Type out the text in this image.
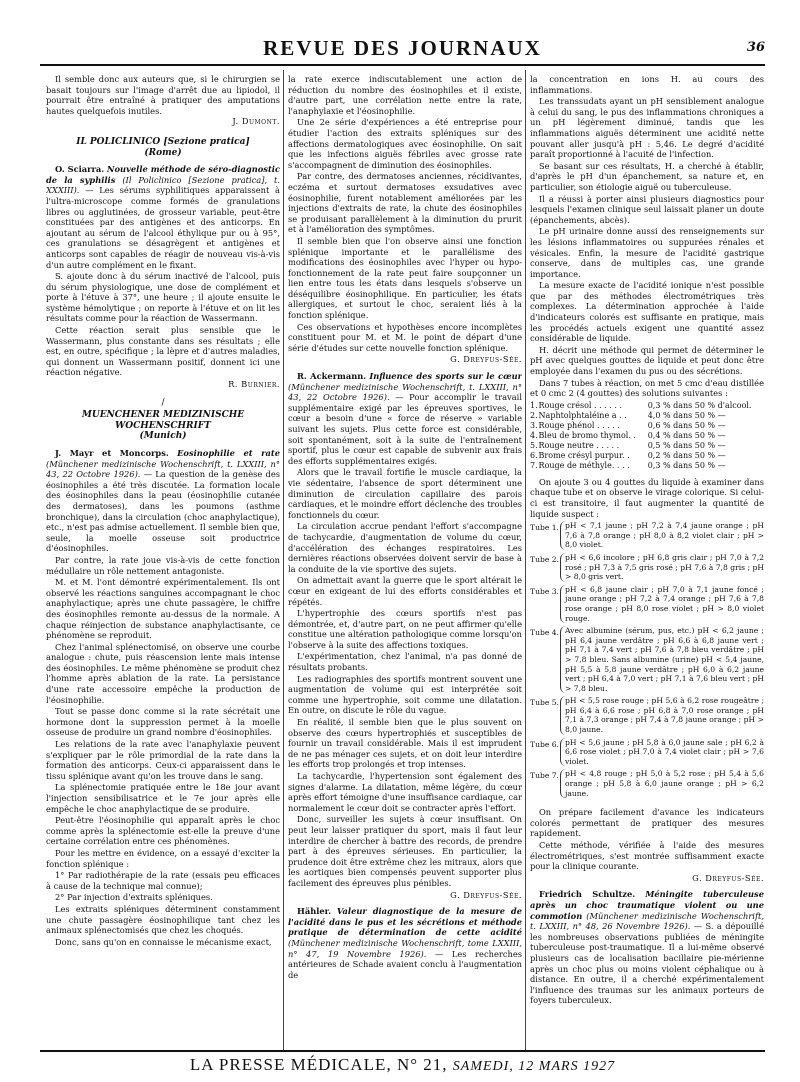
REVUE DES JOURNAUX	36

Il semble donc aux auteurs que, si le chirurgien se basait toujours sur l'image d'arrêt due au lipiodol, il pourrait être entraîné à pratiquer des amputations hautes quelquefois inutiles.
J. Dumont.

IL POLICLINICO [Sezione pratica]
(Rome)

O. Sciarra. Nouvelle méthode de séro-diagnostic de la syphilis (Il Policlinico [Sezione pratica], t. XXXIII). — Les sérums syphilitiques apparaissent à l'ultra-microscope comme formés de granulations libres ou agglutinées, de grosseur variable, peut-être constituées par des antigènes et des anticorps. En ajoutant au sérum de l'alcool éthylique pur ou à 95°, ces granulations se désagrègent et antigènes et anticorps sont capables de réagir de nouveau vis-à-vis d'un autre complément en le fixant.

S. ajoute donc à du sérum inactivé de l'alcool, puis du sérum physiologique, une dose de complément et porte à l'étuve à 37°, une heure ; il ajoute ensuite le système hémolytique ; on reporte à l'étuve et on lit les résultats comme pour la réaction de Wassermann.

Cette réaction serait plus sensible que le Wassermann, plus constante dans ses résultats ; elle est, en outre, spécifique ; la lèpre et d'autres maladies, qui donnent un Wassermann positif, donnent ici une réaction négative.

R. Burnier.
/
MUENCHENER MEDIZINISCHE WOCHENSCHRIFT
(Munich)

J. Mayr et Moncorps. Eosinophilie et rate (Münchener medizinische Wochenschrift, t. LXXIII, n° 43, 22 Octobre 1926). — La question de la genèse des éosinophiles a été très discutée. La formation locale des éosinophiles dans la peau (éosinophilie cutanée des dermatoses), dans les poumons (asthme bronchique), dans la circulation (choc anaphylactique), etc., n'est pas admise actuellement. Il semble bien que, seule, la moelle osseuse soit productrice d'éosinophiles.

Par contre, la rate joue vis-à-vis de cette fonction médullaire un rôle nettement antagoniste.

M. et M. l'ont démontré expérimentalement. Ils ont observé les réactions sanguines accompagnant le choc anaphylactique; après une chute passagère, le chiffre des éosinophiles remonte au-dessus de la normale. A chaque réinjection de substance anaphylactisante, ce phénomène se reproduit.

Chez l'animal splénectomisé, on observe une courbe analogue : chute, puis réascension lente mais intense des éosinophiles. Le même phénomène se produit chez l'homme après ablation de la rate. La persistance d'une rate accessoire empêche la production de l'éosinophilie.

Tout se passe donc comme si la rate sécrétait une hormone dont la suppression permet à la moelle osseuse de produire un grand nombre d'éosinophiles.

Les relations de la rate avec l'anaphylaxie peuvent s'expliquer par le rôle primordial de la rate dans la formation des anticorps. Ceux-ci apparaissent dans le tissu splénique avant qu'on les trouve dans le sang.

La splénectomie pratiquée entre le 18e jour avant l'injection sensibilisatrice et le 7e jour après elle empêche le choc anaphylactique de se produire.

Peut-être l'éosinophilie qui apparaît après le choc comme après la splénectomie est-elle la preuve d'une certaine corrélation entre ces phénomènes.

Pour les mettre en évidence, on a essayé d'exciter la fonction splénique :

1° Par radiothérapie de la rate (essais peu efficaces à cause de la technique mal connue);

2° Par injection d'extraits spléniques.

Les extraits spléniques déterminent constamment une chute passagère éosinophilique tant chez les animaux splénectomisés que chez les choqués.

Donc, sans qu'on en connaisse le mécanisme exact,

la rate exerce indiscutablement une action de réduction du nombre des éosinophiles et il existe, d'autre part, une corrélation nette entre la rate, l'anaphylaxie et l'éosinophilie.

Une 2e série d'expériences a été entreprise pour étudier l'action des extraits spléniques sur des affections dermatologiques avec éosinophilie. On sait que les infections aiguës fébriles avec grosse rate s'accompagnent de diminution des éosinophiles.

Par contre, des dermatoses anciennes, récidivantes, eczéma et surtout dermatoses exsudatives avec éosinophilie, furent notablement améliorées par les injections d'extraits de rate, la chute des éosinophiles se produisant parallèlement à la diminution du prurit et à l'amélioration des symptômes.

Il semble bien que l'on observe ainsi une fonction splénique importante et le parallélisme des modifications des éosinophiles avec l'hyper ou hypo-fonctionnement de la rate peut faire soupçonner un lien entre tous les états dans lesquels s'observe un déséquilibre éosinophilique. En particulier, les états allergiques, et surtout le choc, seraient liés à la fonction splénique.

Ces observations et hypothèses encore incomplètes constituent pour M. et M. le point de départ d'une série d'études sur cette nouvelle fonction splénique.

G. Dreyfus-Sée.

R. Ackermann. Influence des sports sur le cœur (Münchener medizinische Wochenschrift, t. LXXIII, n° 43, 22 Octobre 1926). — Pour accomplir le travail supplémentaire exigé par les épreuves sportives, le cœur a besoin d'une « force de réserve » variable suivant les sujets. Plus cette force est considérable, soit spontanément, soit à la suite de l'entraînement sportif, plus le cœur est capable de subvenir aux frais des efforts supplémentaires exigés.

Alors que le travail fortifie le muscle cardiaque, la vie sédentaire, l'absence de sport déterminent une diminution de circulation capillaire des parois cardiaques, et le moindre effort déclenche des troubles fonctionnels du cœur.

La circulation accrue pendant l'effort s'accompagne de tachycardie, d'augmentation de volume du cœur, d'accélération des échanges respiratoires. Les dernières réactions observées doivent servir de base à la conduite de la vie sportive des sujets.

On admettait avant la guerre que le sport altérait le cœur en exigeant de lui des efforts considérables et répétés.

L'hypertrophie des cœurs sportifs n'est pas démontrée, et, d'autre part, on ne peut affirmer qu'elle constitue une altération pathologique comme lorsqu'on l'observe à la suite des affections toxiques.

L'expérimentation, chez l'animal, n'a pas donné de résultats probants.

Les radiographies des sportifs montrent souvent une augmentation de volume qui est interprétée soit comme une hypertrophie, soit comme une dilatation. En outre, on discute le rôle du vague.

En réalité, il semble bien que le plus souvent on observe des cœurs hypertrophiés et susceptibles de fournir un travail considérable. Mais il est imprudent de ne pas ménager ces sujets, et on doit leur interdire les efforts trop prolongés et trop intenses.

La tachycardie, l'hypertension sont également des signes d'alarme. La dilatation, même légère, du cœur après effort témoigne d'une insuffisance cardiaque, car normalement le cœur doit se contracter après l'effort.

Donc, surveiller les sujets à cœur insuffisant. On peut leur laisser pratiquer du sport, mais il faut leur interdire de chercher à battre des records, de prendre part à des épreuves sérieuses. En particulier, la prudence doit être extrême chez les mitraux, alors que les aortiques bien compensés peuvent supporter plus facilement des épreuves plus pénibles.

G. Dreyfus-Sée.

Hähler. Valeur diagnostique de la mesure de l'acidité dans le pus et les sécrétions et méthode pratique de détermination de cette acidité (Münchener medizinische Wochenschrift, tome LXXIII, n° 47, 19 Novembre 1926). — Les recherches antérieures de Schade avaient conclu à l'augmentation de

la concentration en ions H. au cours des inflammations.

Les transsudats ayant un pH sensiblement analogue à celui du sang, le pus des inflammations chroniques a un pH légèrement diminué, tandis que les inflammations aiguës déterminent une acidité nette pouvant aller jusqu'à pH : 5,46. Le degré d'acidité paraît proportionné à l'acuité de l'infection.

Se basant sur ces résultats, H. a cherché à établir, d'après le pH d'un épanchement, sa nature et, en particulier, son étiologie aiguë ou tuberculeuse.

Il a réussi à porter ainsi plusieurs diagnostics pour lesquels l'examen clinique seul laissait planer un doute (épanchements, abcès).

Le pH urinaire donne aussi des renseignements sur les lésions inflammatoires ou suppurées rénales et vésicales. Enfin, la mesure de l'acidité gastrique conserve, dans de multiples cas, une grande importance.

La mesure exacte de l'acidité ionique n'est possible que par des méthodes électrométriques très complexes. La détermination approchée à l'aide d'indicateurs colorés est suffisante en pratique, mais les procédés actuels exigent une quantité assez considérable de liquide.

H. décrit une méthode qui permet de déterminer le pH avec quelques gouttes de liquide et peut donc être employée dans l'examen du pus ou des sécrétions.

Dans 7 tubes à réaction, on met 5 cmc d'eau distillée et 0 cmc 2 (4 gouttes) des solutions suivantes :

1.	Rouge crésol . . . . . .	0,3 % dans 50 % d'alcool.
2.	Naphtolphtaléine a . .	4,0 % dans 50 % —
3.	Rouge phénol . . . . .	0,6 % dans 50 % —
4.	Bleu de bromo thymol. .	0,4 % dans 50 % —
5.	Rouge neutre . . . . .	0,5 % dans 50 % —
6.	Brome crésyl purpur. .	0,2 % dans 50 % —
7.	Rouge de méthyle. . . .	0,3 % dans 50 % —

On ajoute 3 ou 4 gouttes du liquide à examiner dans chaque tube et on observe le virage colorique. Si celui-ci est transitoire, il faut augmenter la quantité de liquide suspect :

Tube 1. pH < 7,1 jaune ; pH 7,2 à 7,4 jaune orange ; pH 7,6 à 7,8 orange ; pH 8,0 à 8,2 violet clair ; pH > 8,0 violet.
Tube 2. pH < 6,6 incolore ; pH 6,8 gris clair ; pH 7,0 à 7,2 rosé ; pH 7,3 à 7,5 gris rosé ; pH 7,6 à 7,8 gris ; pH > 8,0 gris vert.
Tube 3. pH < 6,8 jaune clair ; pH 7,0 à 7,1 jaune foncé ; jaune orange ; pH 7,2 à 7,4 orange ; pH 7,6 à 7,8 rose orange ; pH 8,0 rose violet ; pH > 8,0 violet rouge.
Tube 4. Avec albumine (sérum, pus, etc.) pH < 6,2 jaune ; pH 6,4 jaune verdâtre ; pH 6,6 à 6,8 jaune vert ; pH 7,1 à 7,4 vert ; pH 7,6 à 7,8 bleu verdâtre ; pH > 7,8 bleu. Sans albumine (urine) pH < 5,4 jaune, pH 5,5 à 5,8 jaune verdâtre ; pH 6,0 à 6,2 jaune vert ; pH 6,4 à 7,0 vert ; pH 7,1 à 7,6 bleu vert ; pH > 7,8 bleu.
Tube 5. pH < 5,5 rose rouge ; pH 5,6 à 6,2 rose rougeâtre ; pH 6,4 à 6,6 rose ; pH 6,8 à 7,0 rose orange ; pH 7,1 à 7,3 orange ; pH 7,4 à 7,8 jaune orange ; pH > 8,0 jaune.
Tube 6. pH < 5,6 jaune ; pH 5,8 à 6,0 jaune sale ; pH 6,2 à 6,6 rose violet ; pH 7,0 à 7,4 violet clair ; pH > 7,6 violet.
Tube 7. pH < 4,8 rouge ; pH 5,0 à 5,2 rose ; pH 5,4 à 5,6 orange ; pH 5,8 à 6,0 jaune orange ; pH > 6,2 jaune.

On prépare facilement d'avance les indicateurs colorés permettant de pratiquer des mesures rapidement.

Cette méthode, vérifiée à l'aide des mesures électrométriques, s'est montrée suffisamment exacte pour la clinique courante.

G. Dreyfus-Sée.

Friedrich Schultze. Méningite tuberculeuse après un choc traumatique violent ou une commotion (Münchener medizinische Wochenschrift, t. LXXIII, n° 48, 26 Novembre 1926). — S. a dépouillé les nombreuses observations publiées de méningite tuberculeuse post-traumatique. Il a lui-même observé plusieurs cas de localisation bacillaire pie-mérienne après un choc plus ou moins violent céphalique ou à distance. En outre, il a cherché expérimentalement l'influence des traumas sur les animaux porteurs de foyers tuberculeux.

LA PRESSE MÉDICALE, N° 21, SAMEDI, 12 MARS 1927
